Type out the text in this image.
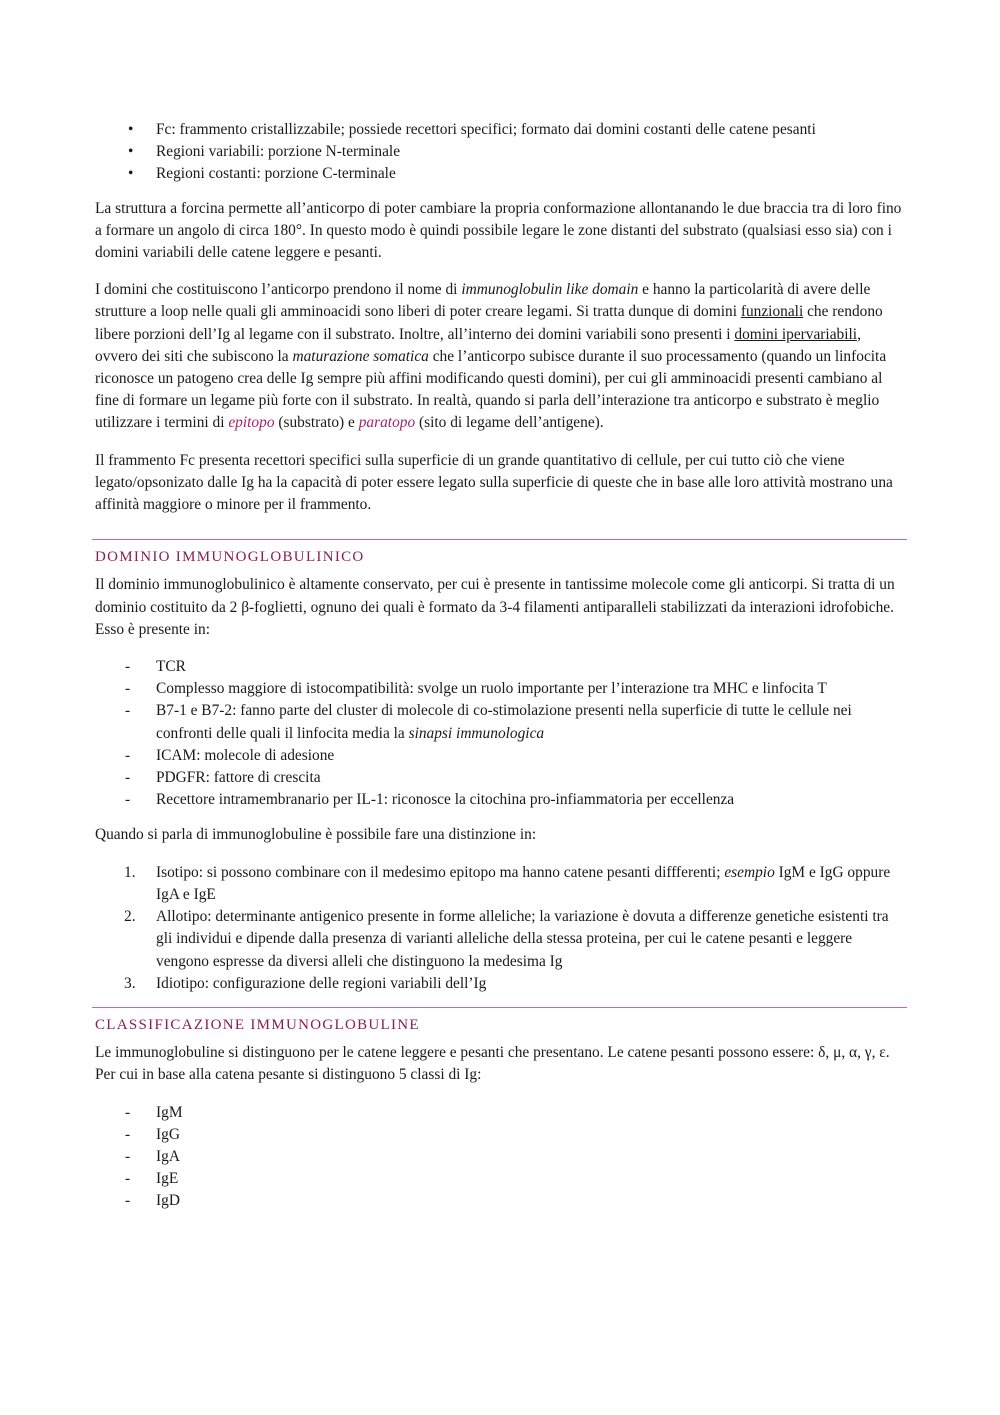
• Fc: frammento cristallizzabile; possiede recettori specifici; formato dai domini costanti delle catene pesanti
• Regioni variabili: porzione N-terminale
• Regioni costanti: porzione C-terminale

La struttura a forcina permette all’anticorpo di poter cambiare la propria conformazione allontanando le due braccia tra di loro fino a formare un angolo di circa 180°. In questo modo è quindi possibile legare le zone distanti del substrato (qualsiasi esso sia) con i domini variabili delle catene leggere e pesanti.

I domini che costituiscono l’anticorpo prendono il nome di immunoglobulin like domain e hanno la particolarità di avere delle strutture a loop nelle quali gli amminoacidi sono liberi di poter creare legami. Si tratta dunque di domini funzionali che rendono libere porzioni dell’Ig al legame con il substrato. Inoltre, all’interno dei domini variabili sono presenti i domini ipervariabili, ovvero dei siti che subiscono la maturazione somatica che l’anticorpo subisce durante il suo processamento (quando un linfocita riconosce un patogeno crea delle Ig sempre più affini modificando questi domini), per cui gli amminoacidi presenti cambiano al fine di formare un legame più forte con il substrato. In realtà, quando si parla dell’interazione tra anticorpo e substrato è meglio utilizzare i termini di epitopo (substrato) e paratopo (sito di legame dell’antigene).

Il frammento Fc presenta recettori specifici sulla superficie di un grande quantitativo di cellule, per cui tutto ciò che viene legato/opsonizato dalle Ig ha la capacità di poter essere legato sulla superficie di queste che in base alle loro attività mostrano una affinità maggiore o minore per il frammento.

DOMINIO IMMUNOGLOBULINICO

Il dominio immunoglobulinico è altamente conservato, per cui è presente in tantissime molecole come gli anticorpi. Si tratta di un dominio costituito da 2 β-foglietti, ognuno dei quali è formato da 3-4 filamenti antiparalleli stabilizzati da interazioni idrofobiche. Esso è presente in:

- TCR
- Complesso maggiore di istocompatibilità: svolge un ruolo importante per l’interazione tra MHC e linfocita T
- B7-1 e B7-2: fanno parte del cluster di molecole di co-stimolazione presenti nella superficie di tutte le cellule nei confronti delle quali il linfocita media la sinapsi immunologica
- ICAM: molecole di adesione
- PDGFR: fattore di crescita
- Recettore intramembranario per IL-1: riconosce la citochina pro-infiammatoria per eccellenza

Quando si parla di immunoglobuline è possibile fare una distinzione in:

1. Isotipo: si possono combinare con il medesimo epitopo ma hanno catene pesanti diffferenti; esempio IgM e IgG oppure IgA e IgE
2. Allotipo: determinante antigenico presente in forme alleliche; la variazione è dovuta a differenze genetiche esistenti tra gli individui e dipende dalla presenza di varianti alleliche della stessa proteina, per cui le catene pesanti e leggere vengono espresse da diversi alleli che distinguono la medesima Ig
3. Idiotipo: configurazione delle regioni variabili dell’Ig
CLASSIFICAZIONE IMMUNOGLOBULINE

Le immunoglobuline si distinguono per le catene leggere e pesanti che presentano. Le catene pesanti possono essere: δ, μ, α, γ, ε. Per cui in base alla catena pesante si distinguono 5 classi di Ig:

- IgM
- IgG
- IgA
- IgE
- IgD
